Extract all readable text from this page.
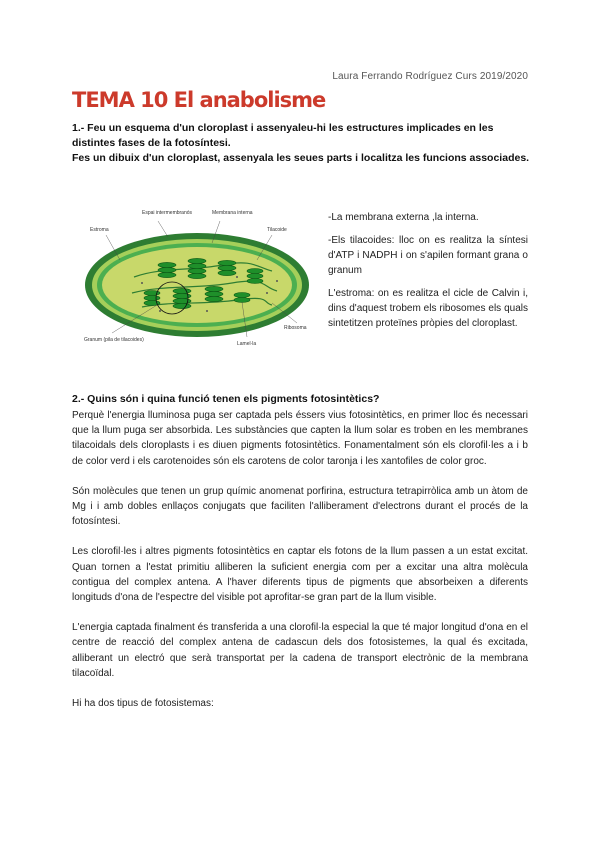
Laura Ferrando Rodríguez Curs 2019/2020
TEMA 10 El anabolisme

1.- Feu un esquema d'un cloroplast i assenyaleu-hi les estructures implicades en les distintes fases de la fotosíntesi.

Fes un dibuix d'un cloroplast, assenyala les seues parts i localitza les funcions associades.

Espai intermembranós	Membrana interna
Estroma	Tilacoide
Ribosoma
Granum (pila de tilacoides)
Lamel·la

-La membrana externa ,la interna.

-Els tilacoides: lloc on es realitza la síntesi d'ATP i NADPH i on s'apilen formant grana o granum

L'estroma: on es realitza el cicle de Calvin i, dins d'aquest trobem els ribosomes els quals sintetitzen proteïnes pròpies del cloroplast.

2.- Quins són i quina funció tenen els pigments fotosintètics?

Perquè l'energia lluminosa puga ser captada pels éssers vius fotosintètics, en primer lloc és necessari que la llum puga ser absorbida. Les substàncies que capten la llum solar es troben en les membranes tilacoidals dels cloroplasts i es diuen pigments fotosintètics. Fonamentalment són els clorofil·les a i b de color verd i els carotenoides són els carotens de color taronja i les xantofiles de color groc.

Són molècules que tenen un grup químic anomenat porfirina, estructura tetrapirròlica amb un àtom de Mg i i amb dobles enllaços conjugats que faciliten l'alliberament d'electrons durant el procés de la fotosíntesi.

Les clorofil·les i altres pigments fotosintètics en captar els fotons de la llum passen a un estat excitat. Quan tornen a l'estat primitiu alliberen la suficient energia com per a excitar una altra molècula contigua del complex antena. A l'haver diferents tipus de pigments que absorbeixen a diferents longituds d'ona de l'espectre del visible pot aprofitar-se gran part de la llum visible.

L'energia captada finalment és transferida a una clorofil·la especial la que té major longitud d'ona en el centre de reacció del complex antena de cadascun dels dos fotosistemes, la qual és excitada, alliberant un electró que serà transportat per la cadena de transport electrònic de la membrana tilacoïdal.

Hi ha dos tipus de fotosistemas:
